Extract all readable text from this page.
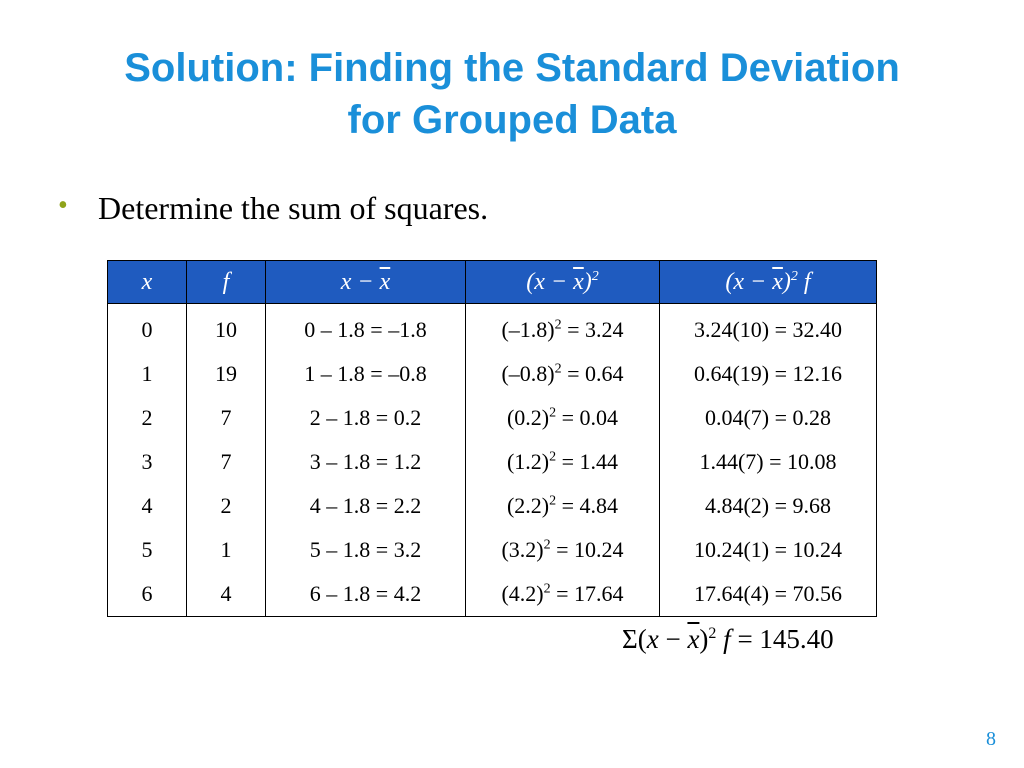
Solution: Finding the Standard Deviation
for Grouped Data
• Determine the sum of squares.
x	f	$x - \overline{x}$	$(x - \overline{x})^2$	$(x - \overline{x})^2$ f
0	10	0 – 1.8 = –1.8	$(-1.8)^2 = 3.24$	3.24(10) = 32.40
1	19	1 – 1.8 = –0.8	$(-0.8)^2 = 0.64$	0.64(19) = 12.16
2	7	2 – 1.8 = 0.2	$(0.2)^2 = 0.04$	0.04(7) = 0.28
3	7	3 – 1.8 = 1.2	$(1.2)^2 = 1.44$	1.44(7) = 10.08
4	2	4 – 1.8 = 2.2	$(2.2)^2 = 4.84$	4.84(2) = 9.68
5	1	5 – 1.8 = 3.2	$(3.2)^2 = 10.24$	10.24(1) = 10.24
6	4	6 – 1.8 = 4.2	$(4.2)^2 = 17.64$	17.64(4) = 70.56
$\Sigma(x - \overline{x})^2$ f = 145.40
8
